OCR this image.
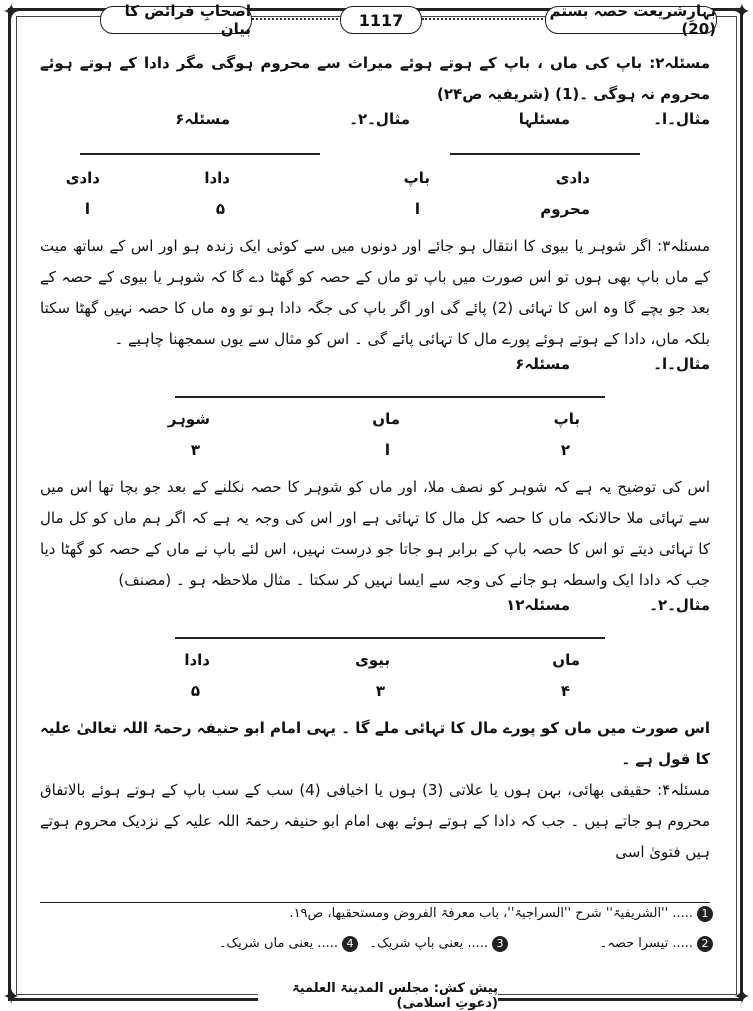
✦	✦
✦	✦
بہارِشریعت حصہ بستم (20)
1117
اصحابِ فرائض کا بیان

مسئلہ۲: باپ کی ماں ، باپ کے ہوتے ہوئے میراث سے محروم ہوگی مگر دادا کے ہوتے ہوئے محروم نہ ہوگی ۔(1) (شریفیہ ص۲۴)

مثال۔ا۔
مسئلہا
مثال۔۲۔
مسئلہ۶
دادی
باپ
دادا
دادی
محروم
ا
۵
ا

مسئلہ۳: اگر شوہر یا بیوی کا انتقال ہو جائے اور دونوں میں سے کوئی ایک زندہ ہو اور اس کے ساتھ میت کے ماں باپ بھی ہوں تو اس صورت میں باپ تو ماں کے حصہ کو گھٹا دے گا کہ شوہر یا بیوی کے حصہ کے بعد جو بچے گا وہ اس کا تہائی (2) پائے گی اور اگر باپ کی جگہ دادا ہو تو وہ ماں کا حصہ نہیں گھٹا سکتا بلکہ ماں، دادا کے ہوتے ہوئے پورے مال کا تہائی پائے گی ۔ اس کو مثال سے یوں سمجھنا چاہیے ۔

مثال۔ا۔
مسئلہ۶
باپ
ماں
شوہر
۲
ا
۳

اس کی توضیح یہ ہے کہ شوہر کو نصف ملا، اور ماں کو شوہر کا حصہ نکلنے کے بعد جو بچا تھا اس میں سے تہائی ملا حالانکہ ماں کا حصہ کل مال کا تہائی ہے اور اس کی وجہ یہ ہے کہ اگر ہم ماں کو کل مال کا تہائی دیتے تو اس کا حصہ باپ کے برابر ہو جاتا جو درست نہیں، اس لئے باپ نے ماں کے حصہ کو گھٹا دیا جب کہ دادا ایک واسطہ ہو جانے کی وجہ سے ایسا نہیں کر سکتا ۔ مثال ملاحظہ ہو ۔ (مصنف)

مثال۔۲۔
مسئلہ۱۲
ماں
بیوی
دادا
۴
۳
۵

اس صورت میں ماں کو پورے مال کا تہائی ملے گا ۔ یہی امام ابو حنیفہ رحمۃ اللہ تعالیٰ علیہ کا قول ہے ۔

مسئلہ۴: حقیقی بھائی، بہن ہوں یا علاتی (3) ہوں یا اخیافی (4) سب کے سب باپ کے ہوتے ہوئے بالاتفاق محروم ہو جاتے ہیں ۔ جب کہ دادا کے ہوتے ہوئے بھی امام ابو حنیفہ رحمۃ اللہ علیہ کے نزدیک محروم ہوتے ہیں فتویٰ اسی

1..... ''الشریفیۃ'' شرح ''السراجیۃ''، باب معرفۃ الفروض ومستحقیھا، ص۱۹.
2..... تیسرا حصہ۔
3..... یعنی باپ شریک۔
4..... یعنی ماں شریک۔
پیش کش: مجلس المدینۃ العلمیۃ (دعوتِ اسلامی)
